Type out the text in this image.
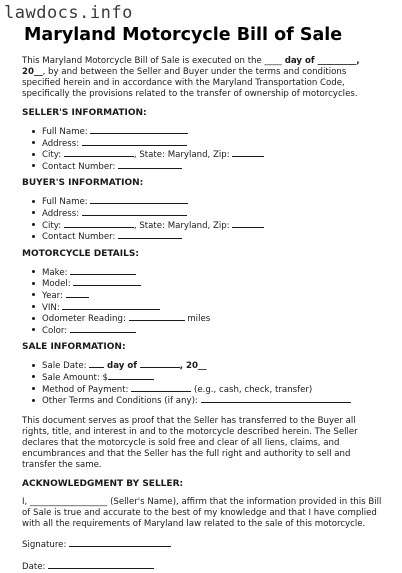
lawdocs.info
Maryland Motorcycle Bill of Sale

This Maryland Motorcycle Bill of Sale is executed on the ____ day of _________, 20__, by and between the Seller and Buyer under the terms and conditions specified herein and in accordance with the Maryland Transportation Code, specifically the provisions related to the transfer of ownership of motorcycles.

SELLER'S INFORMATION:
Full Name:
Address:
City:	, State: Maryland, Zip:
Contact Number:
BUYER'S INFORMATION:
Full Name:
Address:
City:	, State: Maryland, Zip:
Contact Number:
MOTORCYCLE DETAILS:
Make:
Model:
Year:
VIN:
Odometer Reading:	miles
Color:
SALE INFORMATION:
Sale Date: day of	, 20__
Sale Amount: $
Method of Payment:	(e.g., cash, check, transfer)
Other Terms and Conditions (if any):

This document serves as proof that the Seller has transferred to the Buyer all rights, title, and interest in and to the motorcycle described herein. The Seller declares that the motorcycle is sold free and clear of all liens, claims, and encumbrances and that the Seller has the full right and authority to sell and transfer the same.

ACKNOWLEDGMENT BY SELLER:

I, __________________ (Seller's Name), affirm that the information provided in this Bill of Sale is true and accurate to the best of my knowledge and that I have complied with all the requirements of Maryland law related to the sale of this motorcycle.

Signature:
Date:
